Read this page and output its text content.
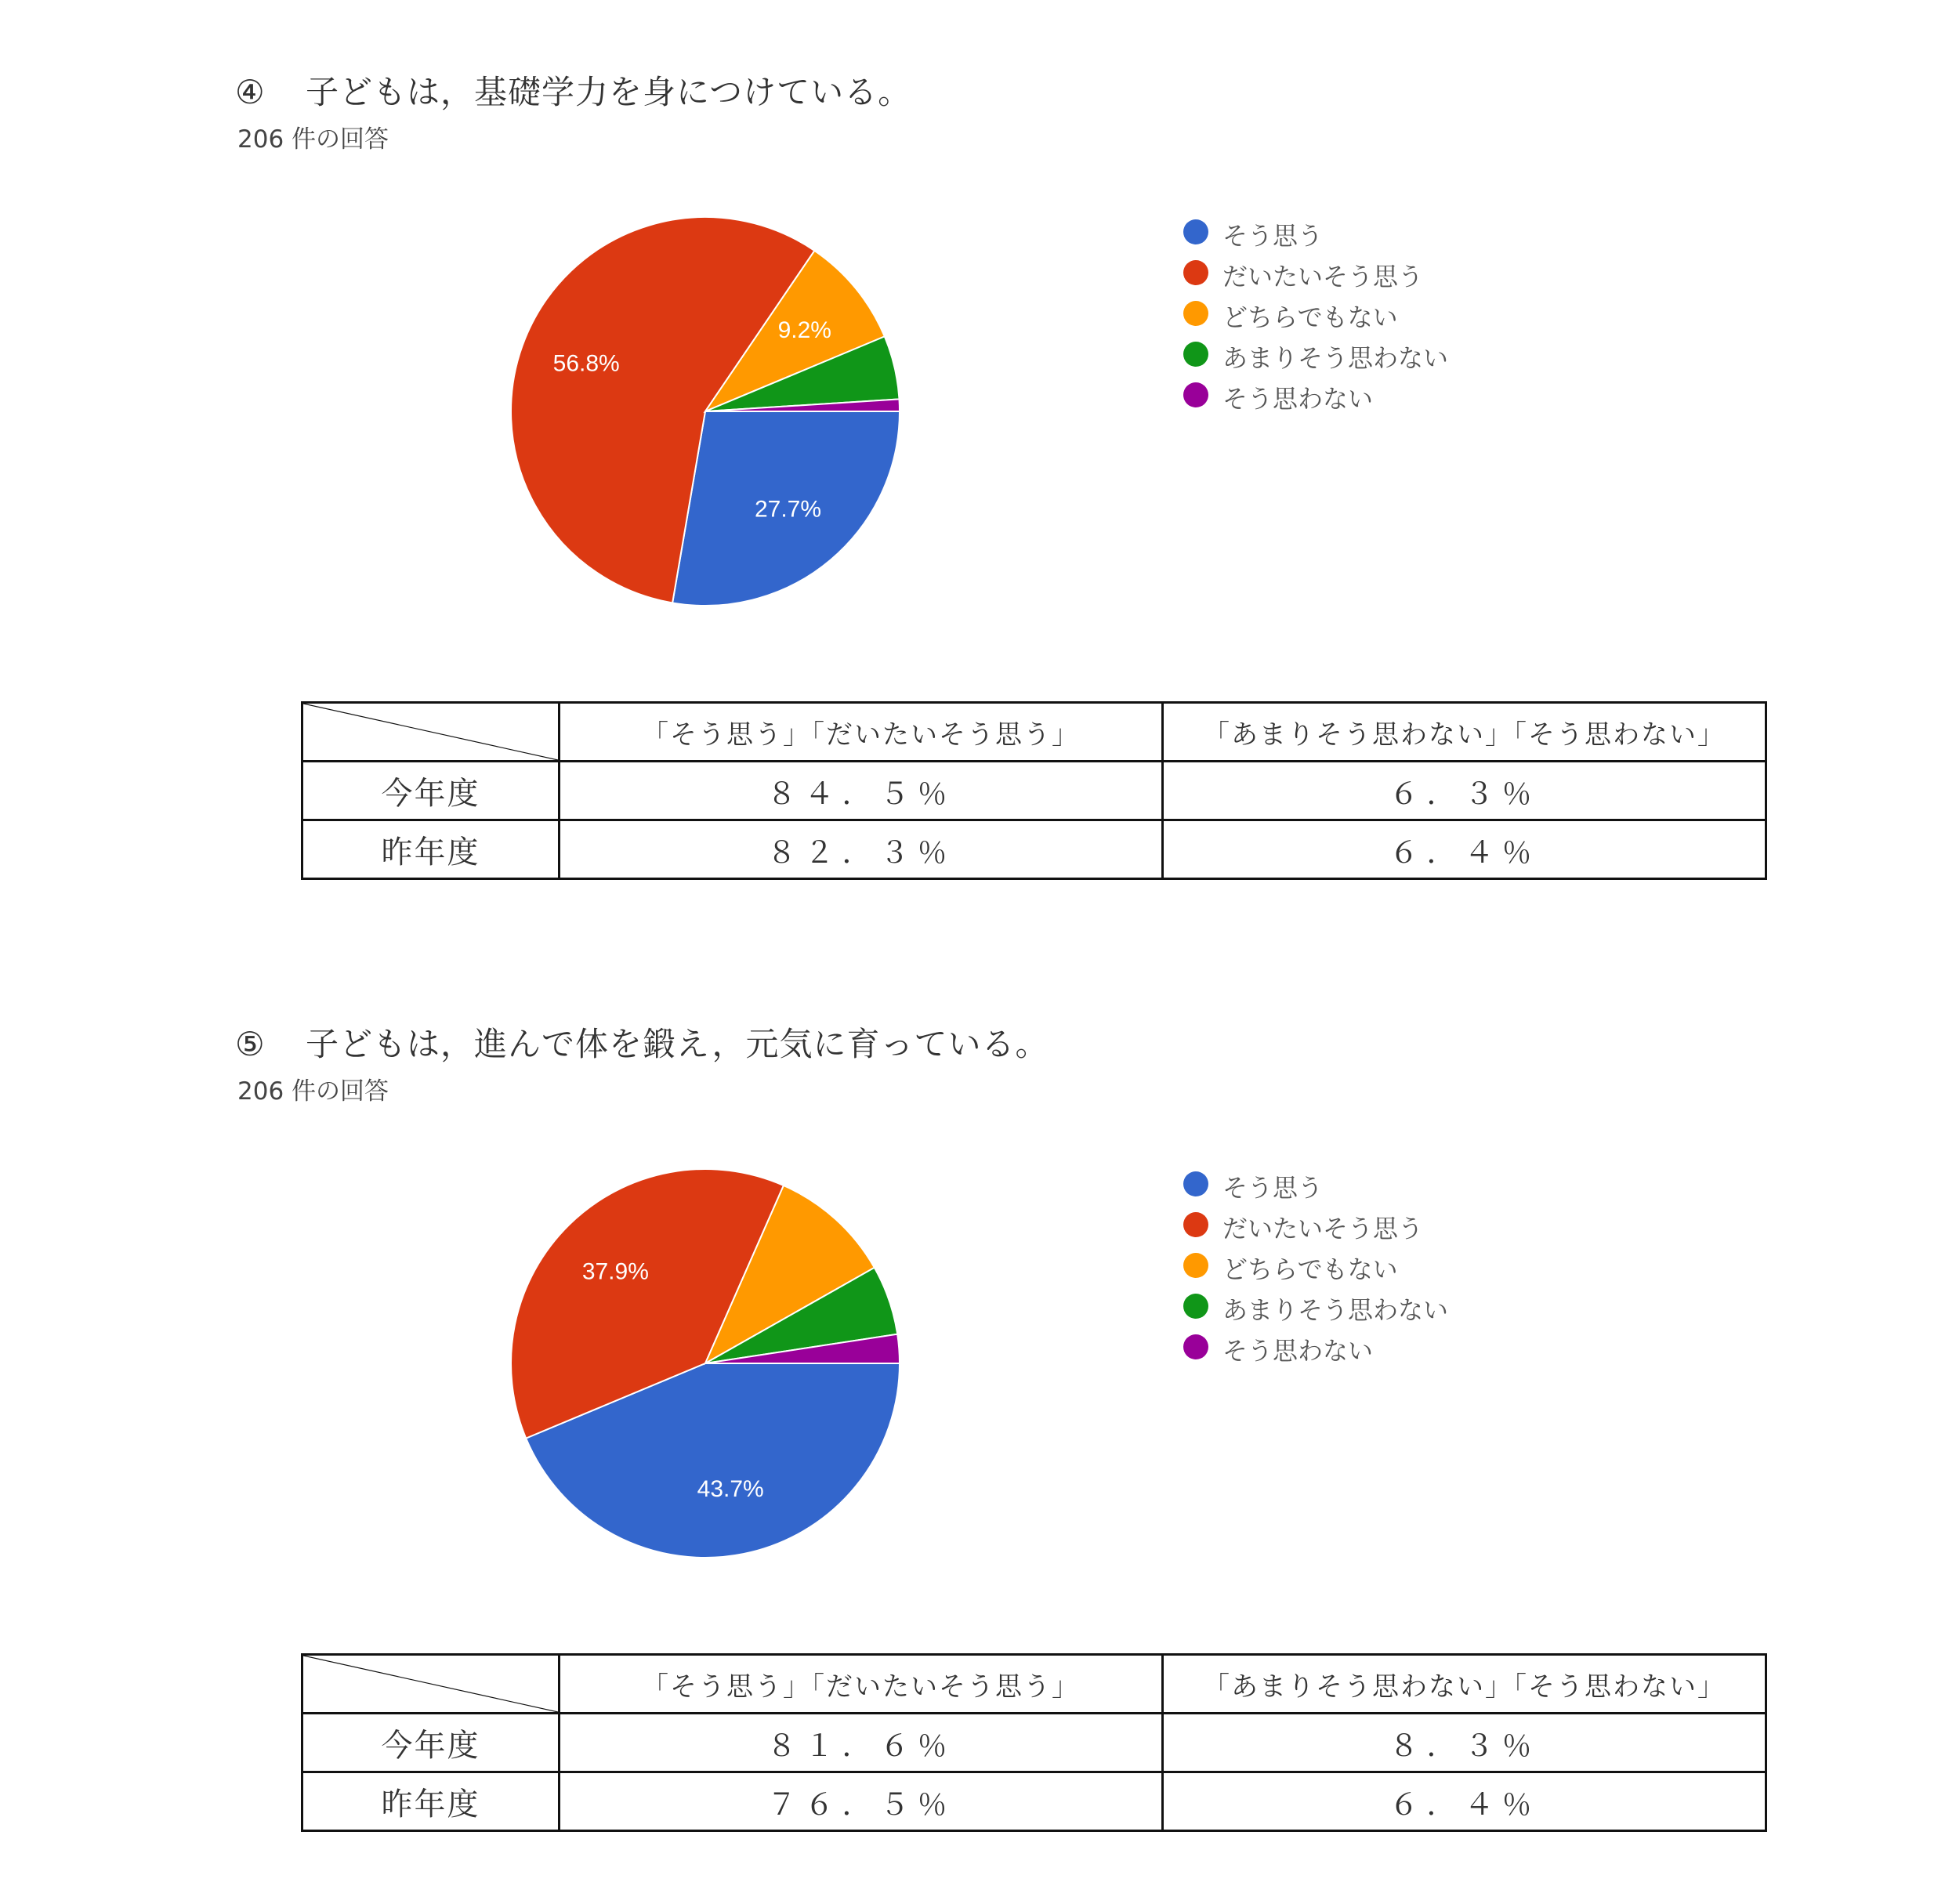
④ 子どもは，基礎学力を身につけている。
206 件の回答
27.7%
56.8%
9.2%
そう思う
だいたいそう思う
どちらでもない
あまりそう思わない
そう思わない
	「そう思う」「だいたいそう思う」	「あまりそう思わない」「そう思わない」
今年度	８４．５％	６．３％
昨年度	８２．３％	６．４％
⑤ 子どもは，進んで体を鍛え，元気に育っている。
206 件の回答
43.7%
37.9%
そう思う
だいたいそう思う
どちらでもない
あまりそう思わない
そう思わない
	「そう思う」「だいたいそう思う」	「あまりそう思わない」「そう思わない」
今年度	８１．６％	８．３％
昨年度	７６．５％	６．４％
